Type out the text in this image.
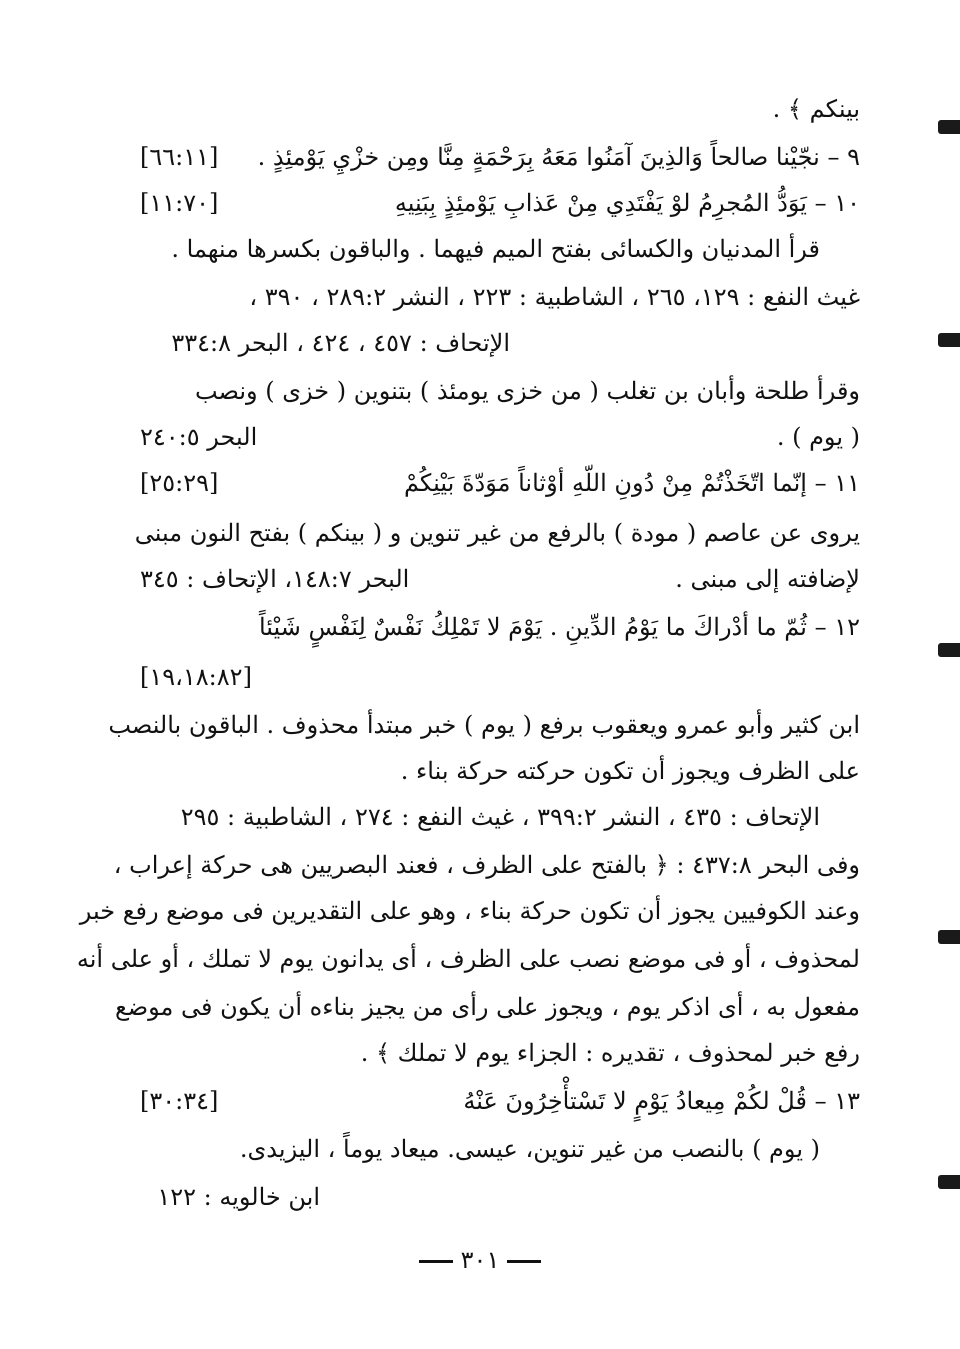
بينكم ﴾ .
٩ – نجّيْنا صالحاً وَالذِينَ آمَنُوا مَعَهُ بِرَحْمَةٍ مِنَّا ومِن خزْيِ يَوْمئِذٍ .
[٦٦:١١]
١٠ – يَوَدُّ المُجرِمُ لوْ يَفْتَدِي مِنْ عَذابِ يَوْمئِذٍ بِبَنِيهِ
[١١:٧٠]
قرأ المدنيان والكسائى بفتح الميم فيهما . والباقون بكسرها منهما .
غيث النفع : ١٢٩، ٢٦٥ ، الشاطبية : ٢٢٣ ، النشر ٢٨٩:٢ ، ٣٩٠ ،
الإتحاف : ٤٥٧ ، ٤٢٤ ، البحر ٣٣٤:٨
وقرأ طلحة وأبان بن تغلب ( من خزى يومئذ ) بتنوين ( خزى ) ونصب
( يوم ) .
البحر ٢٤٠:٥
١١ – إنّما اتّخَذْتُمْ مِنْ دُونِ اللّهِ أوْثاناً مَوَدّةَ بَيْنِكُمْ
[٢٥:٢٩]
يروى عن عاصم ( مودة ) بالرفع من غير تنوين و ( بينكم ) بفتح النون مبنى
لإضافته إلى مبنى .
البحر ١٤٨:٧، الإتحاف : ٣٤٥
١٢ – ثُمّ ما أدْراكَ ما يَوْمُ الدِّينِ . يَوْمَ لا تَمْلِكُ نَفْسٌ لِنَفْسٍ شَيْئاً
[١٩،١٨:٨٢]
ابن كثير وأبو عمرو ويعقوب برفع ( يوم ) خبر مبتدأ محذوف . الباقون بالنصب
على الظرف ويجوز أن تكون حركته حركة بناء .
الإتحاف : ٤٣٥ ، النشر ٣٩٩:٢ ، غيث النفع : ٢٧٤ ، الشاطبية : ٢٩٥
وفى البحر ٤٣٧:٨ : ﴿ بالفتح على الظرف ، فعند البصريين هى حركة إعراب ،
وعند الكوفيين يجوز أن تكون حركة بناء ، وهو على التقديرين فى موضع رفع خبر
لمحذوف ، أو فى موضع نصب على الظرف ، أى يدانون يوم لا تملك ، أو على أنه
مفعول به ، أى اذكر يوم ، ويجوز على رأى من يجيز بناءه أن يكون فى موضع
رفع خبر لمحذوف ، تقديره : الجزاء يوم لا تملك ﴾ .
١٣ – قُلْ لكُمْ مِيعادُ يَوْمٍ لا تَسْتأْخِرُونَ عَنْهُ
[٣٠:٣٤]
( يوم ) بالنصب من غير تنوين، عيسى. ميعاد يوماً ، اليزيدى.
ابن خالويه : ١٢٢
٣٠١
